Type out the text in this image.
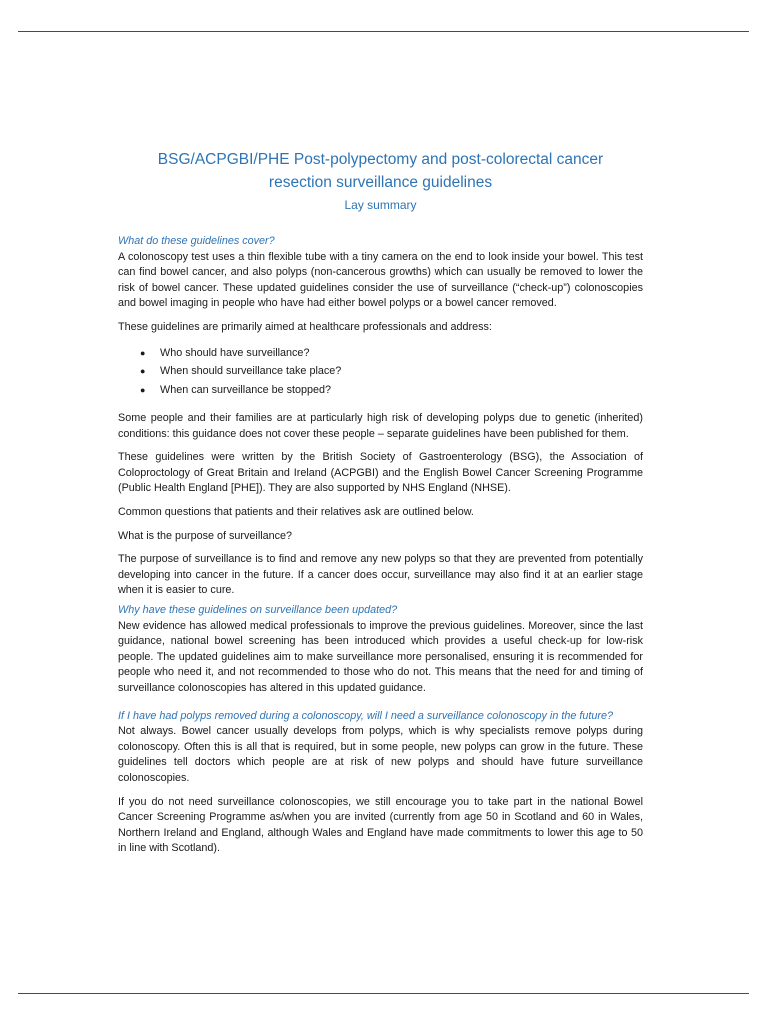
BSG/ACPGBI/PHE Post-polypectomy and post-colorectal cancer
resection surveillance guidelines
Lay summary
What do these guidelines cover?

A colonoscopy test uses a thin flexible tube with a tiny camera on the end to look inside your bowel. This test can find bowel cancer, and also polyps (non-cancerous growths) which can usually be removed to lower the risk of bowel cancer. These updated guidelines consider the use of surveillance (“check-up”) colonoscopies and bowel imaging in people who have had either bowel polyps or a bowel cancer removed.

These guidelines are primarily aimed at healthcare professionals and address:

● Who should have surveillance?
● When should surveillance take place?
● When can surveillance be stopped?

Some people and their families are at particularly high risk of developing polyps due to genetic (inherited) conditions: this guidance does not cover these people – separate guidelines have been published for them.

These guidelines were written by the British Society of Gastroenterology (BSG), the Association of Coloproctology of Great Britain and Ireland (ACPGBI) and the English Bowel Cancer Screening Programme (Public Health England [PHE]). They are also supported by NHS England (NHSE).

Common questions that patients and their relatives ask are outlined below.

What is the purpose of surveillance?

The purpose of surveillance is to find and remove any new polyps so that they are prevented from potentially developing into cancer in the future. If a cancer does occur, surveillance may also find it at an earlier stage when it is easier to cure.

Why have these guidelines on surveillance been updated?

New evidence has allowed medical professionals to improve the previous guidelines. Moreover, since the last guidance, national bowel screening has been introduced which provides a useful check-up for low-risk people. The updated guidelines aim to make surveillance more personalised, ensuring it is recommended for people who need it, and not recommended to those who do not. This means that the need for and timing of surveillance colonoscopies has altered in this updated guidance.

If I have had polyps removed during a colonoscopy, will I need a surveillance colonoscopy in the future?

Not always. Bowel cancer usually develops from polyps, which is why specialists remove polyps during colonoscopy. Often this is all that is required, but in some people, new polyps can grow in the future. These guidelines tell doctors which people are at risk of new polyps and should have future surveillance colonoscopies.

If you do not need surveillance colonoscopies, we still encourage you to take part in the national Bowel Cancer Screening Programme as/when you are invited (currently from age 50 in Scotland and 60 in Wales, Northern Ireland and England, although Wales and England have made commitments to lower this age to 50 in line with Scotland).
